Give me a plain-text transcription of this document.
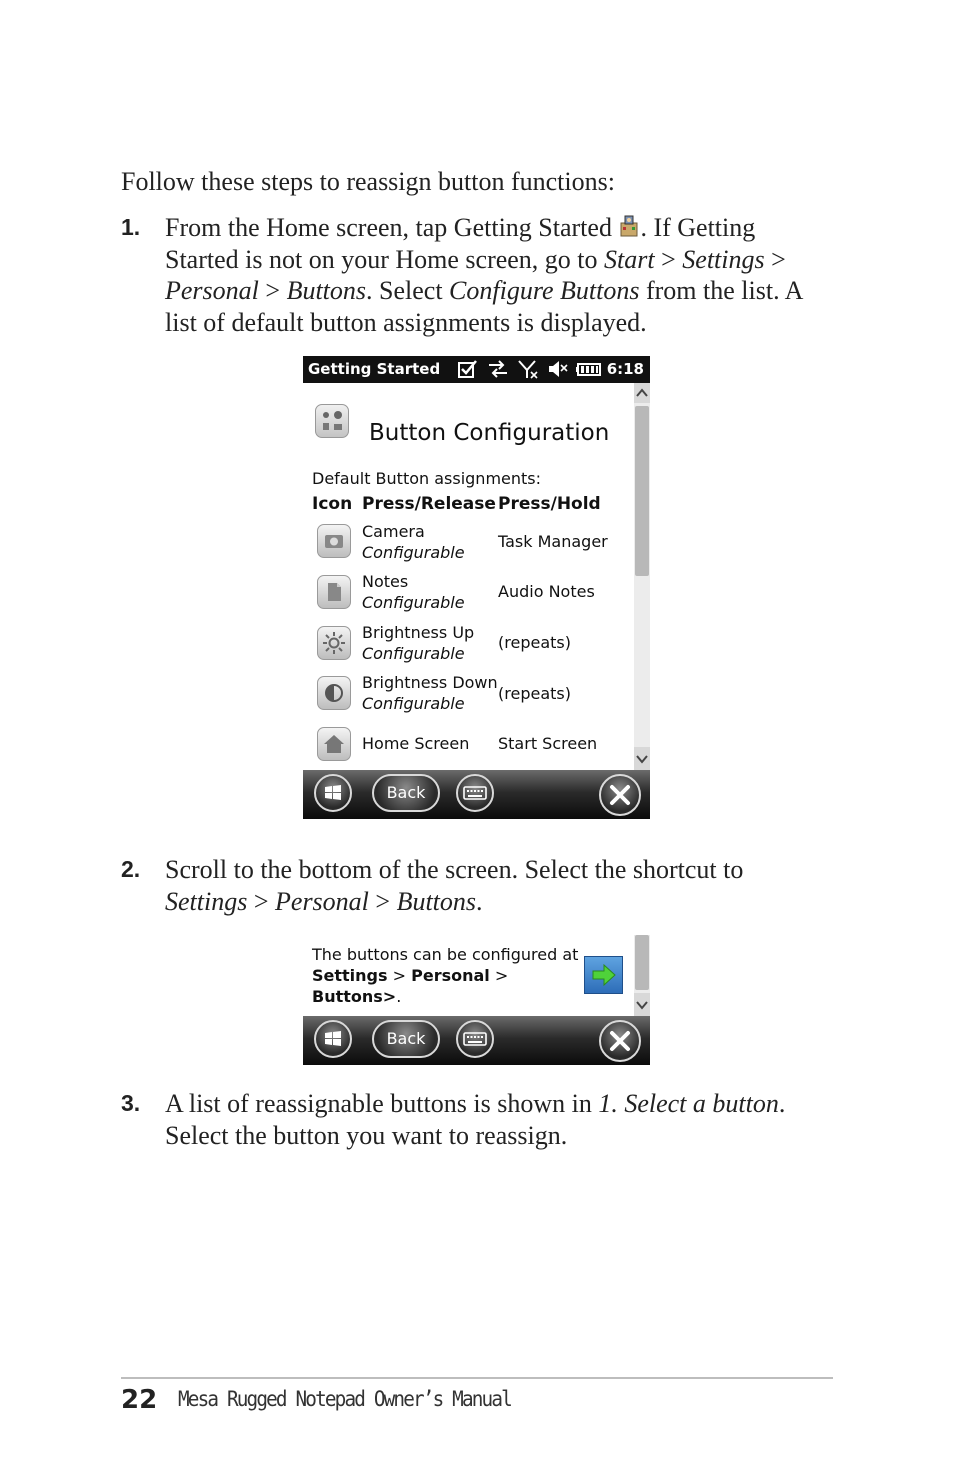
Follow these steps to reassign button functions:
1. From the Home screen, tap Getting Started . If Getting Started is not on your Home screen, go to Start > Settings > Personal > Buttons. Select Configure Buttons from the list. A list of default button assignments is displayed.
Getting Started	6:18
Button Configuration
Default Button assignments:
Icon Press/Release Press/Hold
Camera
Configurable
Task Manager
Notes
Configurable
Audio Notes
Brightness Up
Configurable
(repeats)
Brightness Down
Configurable
(repeats)
Home Screen Start Screen
Back
2. Scroll to the bottom of the screen. Select the shortcut to Settings > Personal > Buttons.
The buttons can be configured at
Settings > Personal >
Buttons>.
Back
3. A list of reassignable buttons is shown in 1. Select a button. Select the button you want to reassign.
22 Mesa Rugged Notepad Owner’s Manual
